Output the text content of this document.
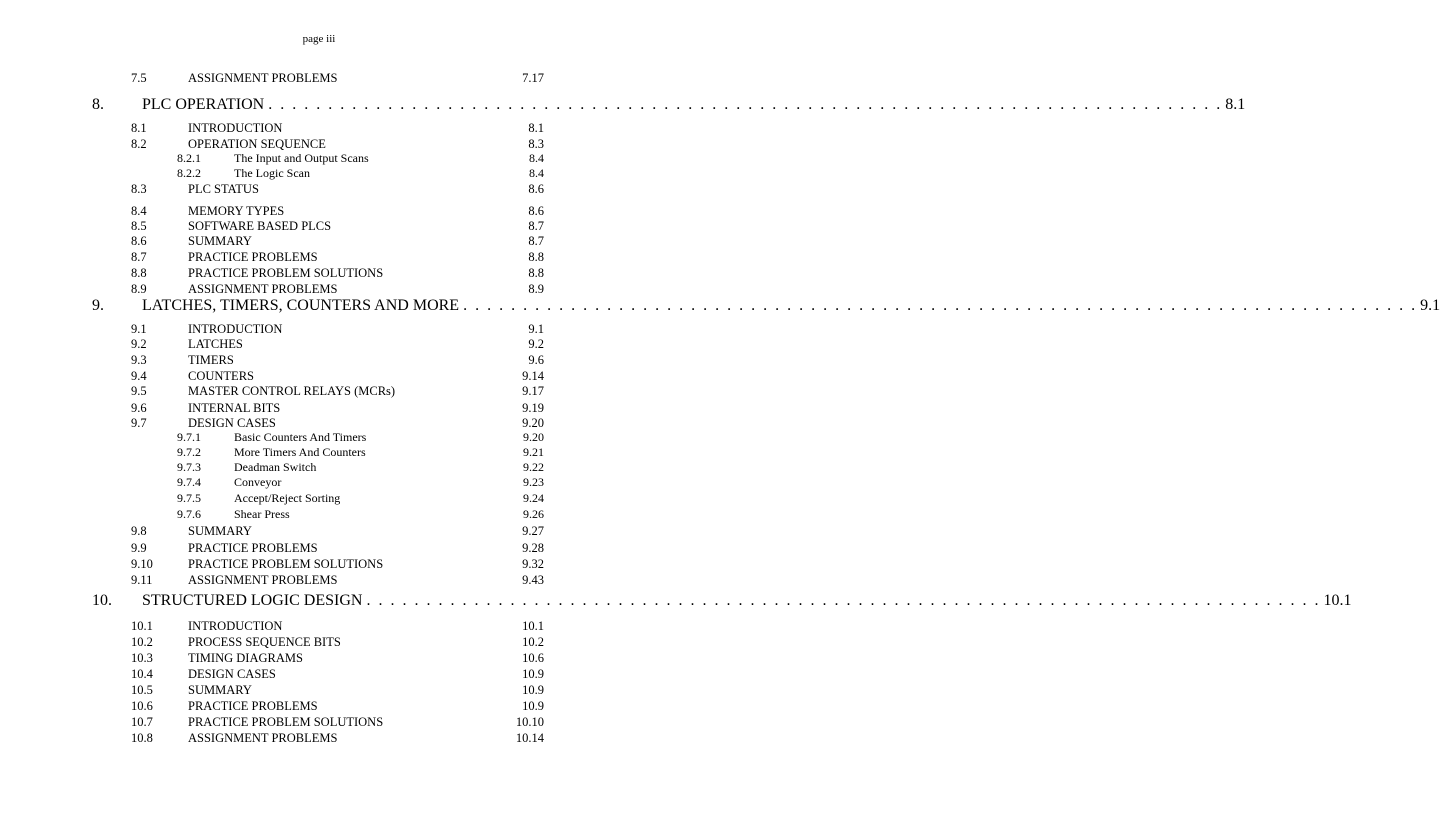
page iii
7.5	ASSIGNMENT PROBLEMS	7.17
8.	PLC OPERATION . . . . . . . . . . . . . . . . . . . . . . . . . . . . . . . . . . . . . . . . . . . . . . . . . . . . . . . . . . . . . . . . . . . . . . . . . . . . . . . . 8.1
8.1	INTRODUCTION	8.1
8.2	OPERATION SEQUENCE	8.3
8.2.1	The Input and Output Scans	8.4
8.2.2	The Logic Scan	8.4
8.3	PLC STATUS	8.6
8.4	MEMORY TYPES	8.6
8.5	SOFTWARE BASED PLCS	8.7
8.6	SUMMARY	8.7
8.7	PRACTICE PROBLEMS	8.8
8.8	PRACTICE PROBLEM SOLUTIONS	8.8
8.9	ASSIGNMENT PROBLEMS	8.9
9.	LATCHES, TIMERS, COUNTERS AND MORE . . . . . . . . . . . . . . . . . . . . . . . . . . . . . . . . . . . . . . . . . . . . . . . . . . . . . . . . . . . . . . . . . . . . . . . . . . . . . . . . 9.1
9.1	INTRODUCTION	9.1
9.2	LATCHES	9.2
9.3	TIMERS	9.6
9.4	COUNTERS	9.14
9.5	MASTER CONTROL RELAYS (MCRs)	9.17
9.6	INTERNAL BITS	9.19
9.7	DESIGN CASES	9.20
9.7.1	Basic Counters And Timers	9.20
9.7.2	More Timers And Counters	9.21
9.7.3	Deadman Switch	9.22
9.7.4	Conveyor	9.23
9.7.5	Accept/Reject Sorting	9.24
9.7.6	Shear Press	9.26
9.8	SUMMARY	9.27
9.9	PRACTICE PROBLEMS	9.28
9.10	PRACTICE PROBLEM SOLUTIONS	9.32
9.11	ASSIGNMENT PROBLEMS	9.43
10.	STRUCTURED LOGIC DESIGN . . . . . . . . . . . . . . . . . . . . . . . . . . . . . . . . . . . . . . . . . . . . . . . . . . . . . . . . . . . . . . . . . . . . . . . . . . . . . . . . 10.1
10.1	INTRODUCTION	10.1
10.2	PROCESS SEQUENCE BITS	10.2
10.3	TIMING DIAGRAMS	10.6
10.4	DESIGN CASES	10.9
10.5	SUMMARY	10.9
10.6	PRACTICE PROBLEMS	10.9
10.7	PRACTICE PROBLEM SOLUTIONS	10.10
10.8	ASSIGNMENT PROBLEMS	10.14
